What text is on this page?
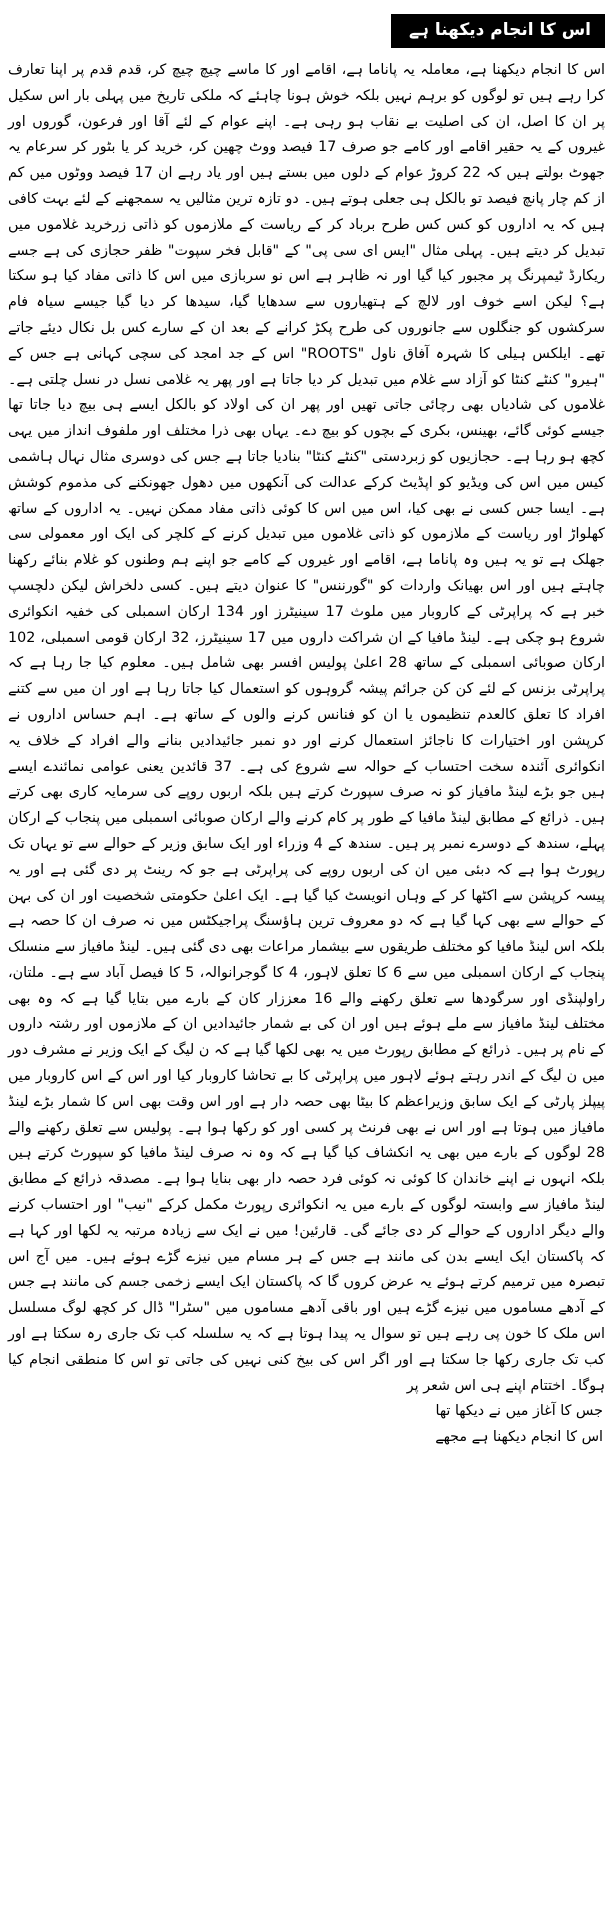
اس کا انجام دیکھنا ہے

اس کا انجام دیکھنا ہے، معاملہ یہ پاناما ہے، اقامے اور کا ماسے چیچ چیچ کر، قدم قدم پر اپنا تعارف کرا رہے ہیں تو لوگوں کو برہم نہیں بلکہ خوش ہونا چاہئے کہ ملکی تاریخ میں پہلی بار اس سکیل پر ان کا اصل، ان کی اصلیت بے نقاب ہو رہی ہے۔ اپنے عوام کے لئے آقا اور فرعون، گوروں اور غیروں کے یہ حقیر اقامے اور کامے جو صرف 17 فیصد ووٹ چھین کر، خرید کر یا بٹور کر سرعام یہ جھوٹ بولتے ہیں کہ 22 کروڑ عوام کے دلوں میں بستے ہیں اور یاد رہے ان 17 فیصد ووٹوں میں کم از کم چار پانچ فیصد تو بالکل ہی جعلی ہوتے ہیں۔ دو تازہ ترین مثالیں یہ سمجھنے کے لئے بہت کافی ہیں کہ یہ اداروں کو کس کس طرح برباد کر کے ریاست کے ملازموں کو ذاتی زرخرید غلاموں میں تبدیل کر دیتے ہیں۔ پہلی مثال "ایس ای سی پی" کے "قابل فخر سپوت" ظفر حجازی کی ہے جسے ریکارڈ ٹیمپرنگ پر مجبور کیا گیا اور نہ ظاہر ہے اس نو سربازی میں اس کا ذاتی مفاد کیا ہو سکتا ہے؟ لیکن اسے خوف اور لالچ کے ہتھیاروں سے سدھایا گیا، سیدھا کر دیا گیا جیسے سیاہ فام سرکشوں کو جنگلوں سے جانوروں کی طرح پکڑ کرانے کے بعد ان کے سارے کس بل نکال دیئے جاتے تھے۔ ایلکس ہیلی کا شہرہ آفاق ناول "ROOTS" اس کے جد امجد کی سچی کہانی ہے جس کے "ہیرو" کنٹے کنٹا کو آزاد سے غلام میں تبدیل کر دیا جاتا ہے اور پھر یہ غلامی نسل در نسل چلتی ہے۔ غلاموں کی شادیاں بھی رچائی جاتی تھیں اور پھر ان کی اولاد کو بالکل ایسے ہی بیچ دیا جاتا تھا جیسے کوئی گائے، بھینس، بکری کے بچوں کو بیچ دے۔ یہاں بھی ذرا مختلف اور ملفوف انداز میں یہی کچھ ہو رہا ہے۔ حجازیوں کو زبردستی "کنٹے کنٹا" بنادیا جاتا ہے جس کی دوسری مثال نہال ہاشمی کیس میں اس کی ویڈیو کو اپڈیٹ کرکے عدالت کی آنکھوں میں دھول جھونکنے کی مذموم کوشش ہے۔ ایسا جس کسی نے بھی کیا، اس میں اس کا کوئی ذاتی مفاد ممکن نہیں۔ یہ اداروں کے ساتھ کھلواڑ اور ریاست کے ملازموں کو ذاتی غلاموں میں تبدیل کرنے کے کلچر کی ایک اور معمولی سی جھلک ہے تو یہ ہیں وہ پاناما ہے، اقامے اور غیروں کے کامے جو اپنے ہم وطنوں کو غلام بنائے رکھنا چاہتے ہیں اور اس بھیانک واردات کو "گورننس" کا عنوان دیتے ہیں۔ کسی دلخراش لیکن دلچسپ خبر ہے کہ پراپرٹی کے کاروبار میں ملوث 17 سینیٹرز اور 134 ارکان اسمبلی کی خفیہ انکوائری شروع ہو چکی ہے۔ لینڈ مافیا کے ان شراکت داروں میں 17 سینیٹرز، 32 ارکان قومی اسمبلی، 102 ارکان صوبائی اسمبلی کے ساتھ 28 اعلیٰ پولیس افسر بھی شامل ہیں۔ معلوم کیا جا رہا ہے کہ پراپرٹی بزنس کے لئے کن کن جرائم پیشہ گروہوں کو استعمال کیا جاتا رہا ہے اور ان میں سے کتنے افراد کا تعلق کالعدم تنظیموں یا ان کو فنانس کرنے والوں کے ساتھ ہے۔ اہم حساس اداروں نے کرپشن اور اختیارات کا ناجائز استعمال کرنے اور دو نمبر جائیدادیں بنانے والے افراد کے خلاف یہ انکوائری آئندہ سخت احتساب کے حوالہ سے شروع کی ہے۔ 37 قائدین یعنی عوامی نمائندے ایسے ہیں جو بڑے لینڈ مافیاز کو نہ صرف سپورٹ کرتے ہیں بلکہ اربوں روپے کی سرمایہ کاری بھی کرتے ہیں۔ ذرائع کے مطابق لینڈ مافیا کے طور پر کام کرنے والے ارکان صوبائی اسمبلی میں پنجاب کے ارکان پہلے، سندھ کے دوسرے نمبر پر ہیں۔ سندھ کے 4 وزراء اور ایک سابق وزیر کے حوالے سے تو یہاں تک رپورٹ ہوا ہے کہ دبئی میں ان کی اربوں روپے کی پراپرٹی ہے جو کہ رینٹ پر دی گئی ہے اور یہ پیسہ کرپشن سے اکٹھا کر کے وہاں انویسٹ کیا گیا ہے۔ ایک اعلیٰ حکومتی شخصیت اور ان کی بہن کے حوالے سے بھی کہا گیا ہے کہ دو معروف ترین ہاؤسنگ پراجیکٹس میں نہ صرف ان کا حصہ ہے بلکہ اس لینڈ مافیا کو مختلف طریقوں سے بیشمار مراعات بھی دی گئی ہیں۔ لینڈ مافیاز سے منسلک پنجاب کے ارکان اسمبلی میں سے 6 کا تعلق لاہور، 4 کا گوجرانوالہ، 5 کا فیصل آباد سے ہے۔ ملتان، راولپنڈی اور سرگودھا سے تعلق رکھنے والے 16 معززار کان کے بارے میں بتایا گیا ہے کہ وہ بھی مختلف لینڈ مافیاز سے ملے ہوئے ہیں اور ان کی بے شمار جائیدادیں ان کے ملازموں اور رشتہ داروں کے نام پر ہیں۔ ذرائع کے مطابق رپورٹ میں یہ بھی لکھا گیا ہے کہ ن لیگ کے ایک وزیر نے مشرف دور میں ن لیگ کے اندر رہتے ہوئے لاہور میں پراپرٹی کا بے تحاشا کاروبار کیا اور اس کے اس کاروبار میں پیپلز پارٹی کے ایک سابق وزیراعظم کا بیٹا بھی حصہ دار ہے اور اس وقت بھی اس کا شمار بڑے لینڈ مافیاز میں ہوتا ہے اور اس نے بھی فرنٹ پر کسی اور کو رکھا ہوا ہے۔ پولیس سے تعلق رکھنے والے 28 لوگوں کے بارے میں بھی یہ انکشاف کیا گیا ہے کہ وہ نہ صرف لینڈ مافیا کو سپورٹ کرتے ہیں بلکہ انہوں نے اپنے خاندان کا کوئی نہ کوئی فرد حصہ دار بھی بنایا ہوا ہے۔ مصدقہ ذرائع کے مطابق لینڈ مافیاز سے وابستہ لوگوں کے بارے میں یہ انکوائری رپورٹ مکمل کرکے "نیب" اور احتساب کرنے والے دیگر اداروں کے حوالے کر دی جائے گی۔ قارئین! میں نے ایک سے زیادہ مرتبہ یہ لکھا اور کہا ہے کہ پاکستان ایک ایسے بدن کی مانند ہے جس کے ہر مسام میں نیزے گڑے ہوئے ہیں۔ میں آج اس تبصرہ میں ترمیم کرتے ہوئے یہ عرض کروں گا کہ پاکستان ایک ایسے زخمی جسم کی مانند ہے جس کے آدھے مساموں میں نیزے گڑے ہیں اور باقی آدھے مساموں میں "سٹرا" ڈال کر کچھ لوگ مسلسل اس ملک کا خون پی رہے ہیں تو سوال یہ پیدا ہوتا ہے کہ یہ سلسلہ کب تک جاری رہ سکتا ہے اور کب تک جاری رکھا جا سکتا ہے اور اگر اس کی بیخ کنی نہیں کی جاتی تو اس کا منطقی انجام کیا ہوگا۔ اختتام اپنے ہی اس شعر پر

جس کا آغاز میں نے دیکھا تھا

اس کا انجام دیکھنا ہے مجھے
